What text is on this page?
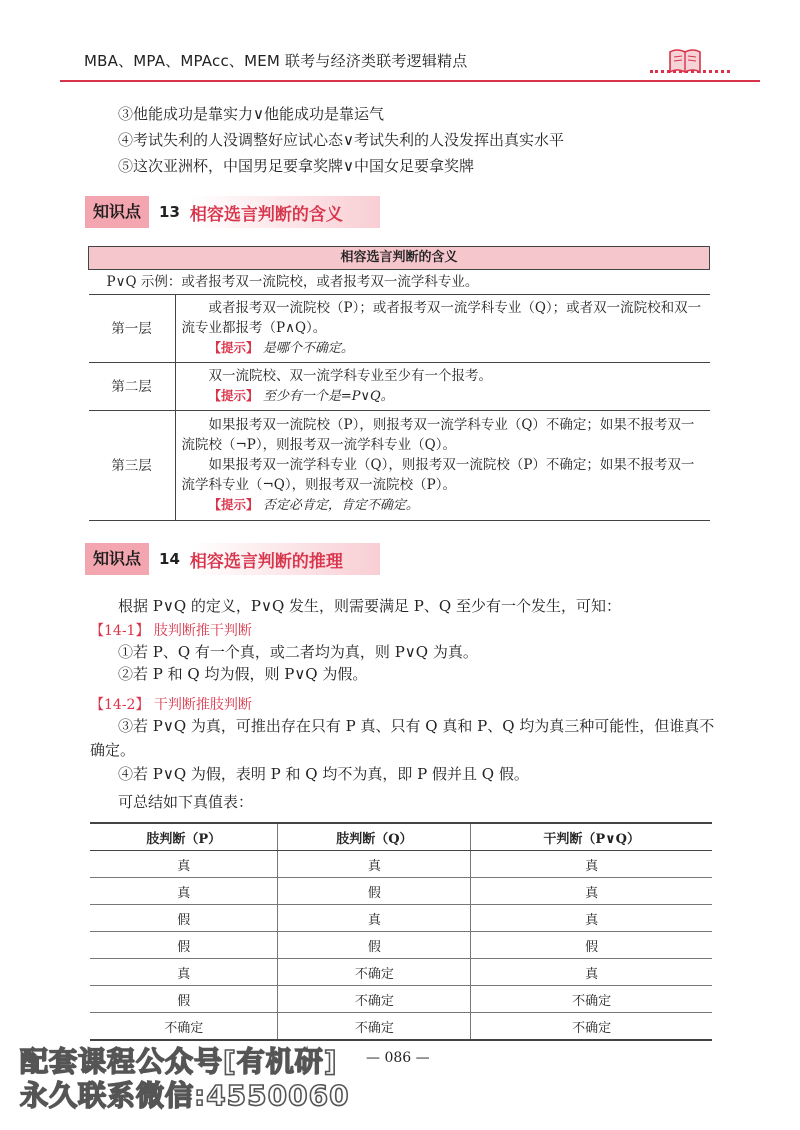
MBA、MPA、MPAcc、MEM 联考与经济类联考逻辑精点
③他能成功是靠实力∨他能成功是靠运气
④考试失利的人没调整好应试心态∨考试失利的人没发挥出真实水平
⑤这次亚洲杯，中国男足要拿奖牌∨中国女足要拿奖牌
知识点	13 相容选言判断的含义
相容选言判断的含义	
P∨Q 示例：或者报考双一流院校，或者报考双一流学科专业。	
第一层	或者报考双一流院校（P）；或者报考双一流学科专业（Q）；或者双一流院校和双一流专业都报考（P∧Q）。
【提示】 是哪个不确定。

第二层	双一流院校、双一流学科专业至少有一个报考。
【提示】 至少有一个是=P∨Q。

第三层	如果报考双一流院校（P），则报考双一流学科专业（Q）不确定；如果不报考双一流院校（¬P），则报考双一流学科专业（Q）。
如果报考双一流学科专业（Q），则报考双一流院校（P）不确定；如果不报考双一流学科专业（¬Q），则报考双一流院校（P）。
【提示】 否定必肯定，肯定不确定。
知识点	14 相容选言判断的推理
根据 P∨Q 的定义，P∨Q 发生，则需要满足 P、Q 至少有一个发生，可知：
【14-1】 肢判断推干判断
①若 P、Q 有一个真，或二者均为真，则 P∨Q 为真。
②若 P 和 Q 均为假，则 P∨Q 为假。
【14-2】 干判断推肢判断
③若 P∨Q 为真，可推出存在只有 P 真、只有 Q 真和 P、Q 均为真三种可能性，但谁真不
确定。
④若 P∨Q 为假，表明 P 和 Q 均不为真，即 P 假并且 Q 假。
可总结如下真值表：
肢判断（P）	肢判断（Q）	干判断（P∨Q）
真	真	真
真	假	真
假	真	真
假	假	假
真	不确定	真
假	不确定	不确定
不确定	不确定	不确定
— 086 —
配套课程公众号[有机研]
永久联系微信:4550060
